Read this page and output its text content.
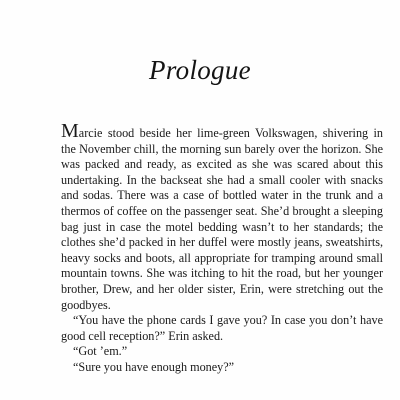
Prologue

Marcie stood beside her lime-green Volkswagen, shivering in the November chill, the morning sun barely over the horizon. She was packed and ready, as excited as she was scared about this undertaking. In the backseat she had a small cooler with snacks and sodas. There was a case of bottled water in the trunk and a thermos of coffee on the passenger seat. She’d brought a sleeping bag just in case the motel bedding wasn’t to her standards; the clothes she’d packed in her duffel were mostly jeans, sweatshirts, heavy socks and boots, all appropriate for tramping around small mountain towns. She was itching to hit the road, but her younger brother, Drew, and her older sister, Erin, were stretching out the goodbyes.

“You have the phone cards I gave you? In case you don’t have good cell reception?” Erin asked.

“Got ’em.”

“Sure you have enough money?”
